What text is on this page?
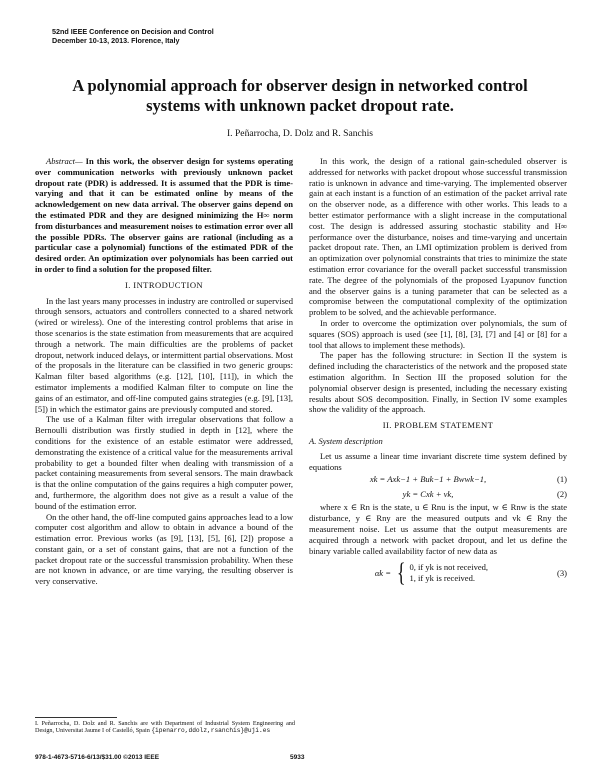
52nd IEEE Conference on Decision and Control
December 10-13, 2013. Florence, Italy
A polynomial approach for observer design in networked control systems with unknown packet dropout rate.
I. Peñarrocha, D. Dolz and R. Sanchis

Abstract— In this work, the observer design for systems operating over communication networks with previously unknown packet dropout rate (PDR) is addressed. It is assumed that the PDR is time-varying and that it can be estimated online by means of the acknowledgement on new data arrival. The observer gains depend on the estimated PDR and they are designed minimizing the H∞ norm from disturbances and measurement noises to estimation error over all the possible PDRs. The observer gains are rational (including as a particular case a polynomial) functions of the estimated PDR of the desired order. An optimization over polynomials has been carried out in order to find a solution for the proposed filter.

I. INTRODUCTION

In the last years many processes in industry are controlled or supervised through sensors, actuators and controllers connected to a shared network (wired or wireless). One of the interesting control problems that arise in those scenarios is the state estimation from measurements that are acquired through a network. The main difficulties are the problems of packet dropout, network induced delays, or intermittent partial observations. Most of the proposals in the literature can be classified in two generic groups: Kalman filter based algorithms (e.g. [12], [10], [11]), in which the estimator implements a modified Kalman filter to compute on line the gains of an estimator, and off-line computed gains strategies (e.g. [9], [13], [5]) in which the estimator gains are previously computed and stored.

The use of a Kalman filter with irregular observations that follow a Bernoulli distribution was firstly studied in depth in [12], where the conditions for the existence of an estable estimator were addressed, demonstrating the existence of a critical value for the measurements arrival probability to get a bounded filter when dealing with transmission of a packet containing measurements from several sensors. The main drawback is that the online computation of the gains requires a high computer power, and, furthermore, the algorithm does not give as a result a value of the bound of the estimation error.

On the other hand, the off-line computed gains approaches lead to a low computer cost algorithm and allow to obtain in advance a bound of the estimation error. Previous works (as [9], [13], [5], [6], [2]) propose a constant gain, or a set of constant gains, that are not a function of the packet dropout rate or the successful transmission probability. When these are not known in advance, or are time varying, the resulting observer is very conservative.

In this work, the design of a rational gain-scheduled observer is addressed for networks with packet dropout whose successful transmission ratio is unknown in advance and time-varying. The implemented observer gain at each instant is a function of an estimation of the packet arrival rate on the observer node, as a difference with other works. This leads to a better estimator performance with a slight increase in the computational cost. The design is addressed assuring stochastic stability and H∞ performance over the disturbance, noises and time-varying and uncertain packet dropout rate. Then, an LMI optimization problem is derived from an optimization over polynomial constraints that tries to minimize the state estimation error covariance for the overall packet successful transmission rate. The degree of the polynomials of the proposed Lyapunov function and the observer gains is a tuning parameter that can be selected as a compromise between the computational complexity of the optimization problem to be solved, and the achievable performance.

In order to overcome the optimization over polynomials, the sum of squares (SOS) approach is used (see [1], [8], [3], [7] and [4] or [8] for a tool that allows to implement these methods).

The paper has the following structure: in Section II the system is defined including the characteristics of the network and the proposed state estimation algorithm. In Section III the proposed solution for the polynomial observer design is presented, including the necessary existing results about SOS decomposition. Finally, in Section IV some examples show the validity of the approach.

II. PROBLEM STATEMENT
A. System description

Let us assume a linear time invariant discrete time system defined by equations

xk = Axk−1 + Buk−1 + Bwwk−1,	(1)
yk = Cxk + vk,	(2)

where x ∈ Rn is the state, u ∈ Rnu is the input, w ∈ Rnw is the state disturbance, y ∈ Rny are the measured outputs and vk ∈ Rny the measurement noise. Let us assume that the output measurements are acquired through a network with packet dropout, and let us define the binary variable called availability factor of new data as

αk = { 0, if yk is not received,
1, if yk is received.
(3)
I. Peñarrocha, D. Dolz and R. Sanchis are with Department of Industrial System Engineering and Design, Universitat Jaume I of Castelló, Spain {ipenarro,ddolz,rsanchis}@uji.es
978-1-4673-5716-6/13/$31.00 ©2013 IEEE	5933
